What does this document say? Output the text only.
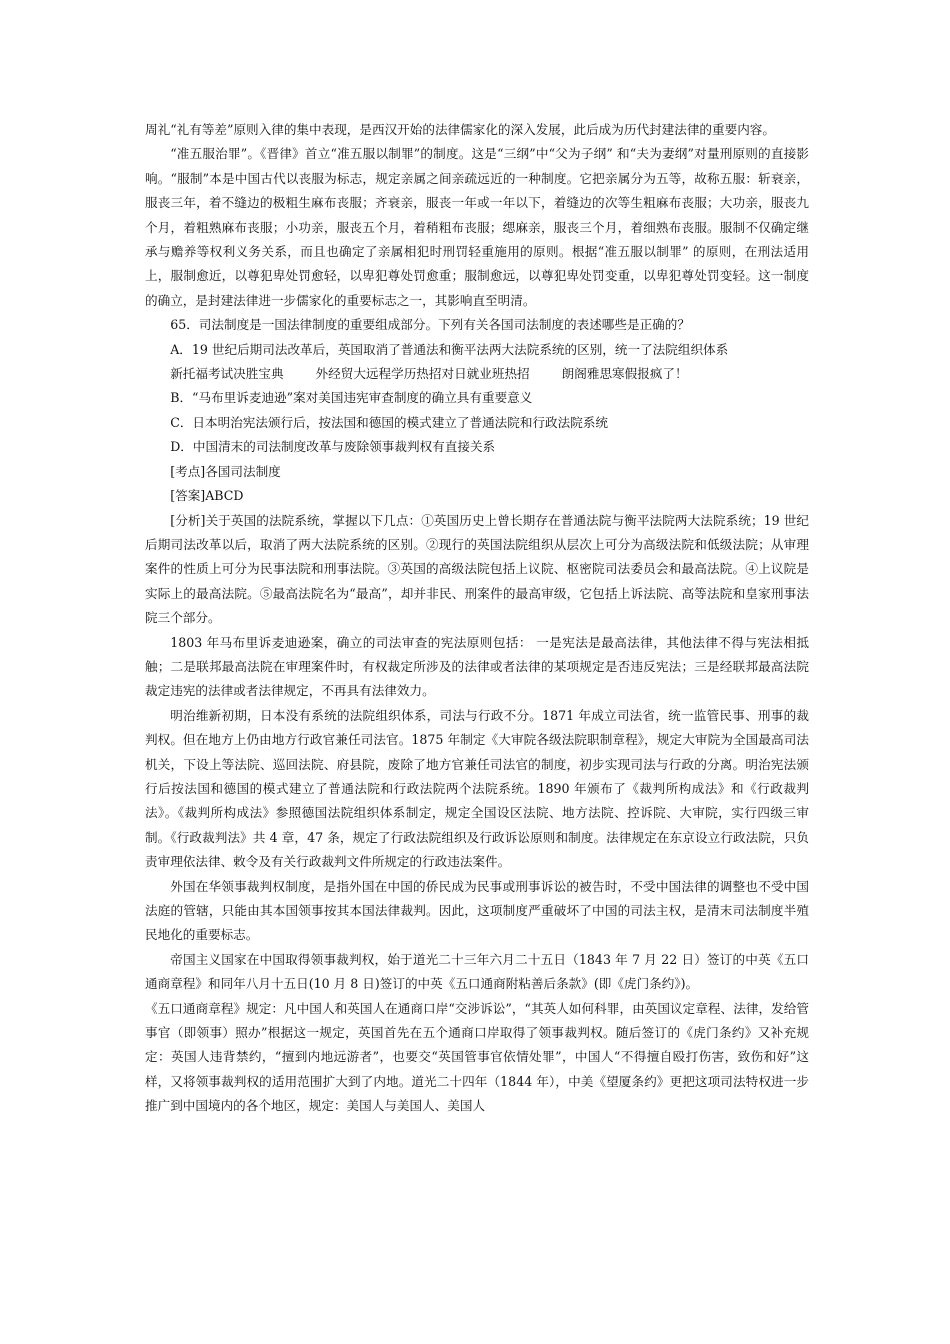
周礼“礼有等差”原则入律的集中表现，是西汉开始的法律儒家化的深入发展，此后成为历代封建法律的重要内容。

“准五服治罪”。《晋律》首立“准五服以制罪”的制度。这是“三纲”中“父为子纲” 和“夫为妻纲”对量刑原则的直接影响。“服制”本是中国古代以丧服为标志，规定亲属之间亲疏远近的一种制度。它把亲属分为五等，故称五服：斩衰亲，服丧三年，着不缝边的极粗生麻布丧服；齐衰亲，服丧一年或一年以下，着缝边的次等生粗麻布丧服；大功亲，服丧九个月，着粗熟麻布丧服；小功亲，服丧五个月，着稍粗布丧服；缌麻亲，服丧三个月，着细熟布丧服。服制不仅确定继承与赡养等权利义务关系，而且也确定了亲属相犯时刑罚轻重施用的原则。根据“准五服以制罪” 的原则，在刑法适用上，服制愈近，以尊犯卑处罚愈轻，以卑犯尊处罚愈重；服制愈远，以尊犯卑处罚变重，以卑犯尊处罚变轻。这一制度的确立，是封建法律进一步儒家化的重要标志之一，其影响直至明清。

65．司法制度是一国法律制度的重要组成部分。下列有关各国司法制度的表述哪些是正确的？

A．19 世纪后期司法改革后，英国取消了普通法和衡平法两大法院系统的区别，统一了法院组织体系

新托福考试决胜宝典        外经贸大远程学历热招对日就业班热招        朗阁雅思寒假报疯了！

B．“马布里诉麦迪逊”案对美国违宪审查制度的确立具有重要意义

C．日本明治宪法颁行后，按法国和德国的模式建立了普通法院和行政法院系统

D．中国清末的司法制度改革与废除领事裁判权有直接关系

[考点]各国司法制度

[答案]ABCD

[分析]关于英国的法院系统，掌握以下几点：①英国历史上曾长期存在普通法院与衡平法院两大法院系统；19 世纪后期司法改革以后，取消了两大法院系统的区别。②现行的英国法院组织从层次上可分为高级法院和低级法院；从审理案件的性质上可分为民事法院和刑事法院。③英国的高级法院包括上议院、枢密院司法委员会和最高法院。④上议院是实际上的最高法院。⑤最高法院名为“最高”，却并非民、刑案件的最高审级，它包括上诉法院、高等法院和皇家刑事法院三个部分。

1803 年马布里诉麦迪逊案，确立的司法审查的宪法原则包括： 一是宪法是最高法律，其他法律不得与宪法相抵触；二是联邦最高法院在审理案件时，有权裁定所涉及的法律或者法律的某项规定是否违反宪法；三是经联邦最高法院裁定违宪的法律或者法律规定，不再具有法律效力。

明治维新初期，日本没有系统的法院组织体系，司法与行政不分。1871 年成立司法省，统一监管民事、刑事的裁判权。但在地方上仍由地方行政官兼任司法官。1875 年制定《大审院各级法院职制章程》，规定大审院为全国最高司法机关，下设上等法院、巡回法院、府县院，废除了地方官兼任司法官的制度，初步实现司法与行政的分离。明治宪法颁行后按法国和德国的模式建立了普通法院和行政法院两个法院系统。1890 年颁布了《裁判所构成法》和《行政裁判法》。《裁判所构成法》参照德国法院组织体系制定，规定全国设区法院、地方法院、控诉院、大审院，实行四级三审制。《行政裁判法》共 4 章，47 条，规定了行政法院组织及行政诉讼原则和制度。法律规定在东京设立行政法院，只负责审理依法律、敕令及有关行政裁判文件所规定的行政违法案件。

外国在华领事裁判权制度，是指外国在中国的侨民成为民事或刑事诉讼的被告时，不受中国法律的调整也不受中国法庭的管辖，只能由其本国领事按其本国法律裁判。因此，这项制度严重破坏了中国的司法主权，是清末司法制度半殖民地化的重要标志。

帝国主义国家在中国取得领事裁判权，始于道光二十三年六月二十五日（1843 年 7 月 22 日）签订的中英《五口通商章程》和同年八月十五日(10 月 8 日)签订的中英《五口通商附粘善后条款》(即《虎门条约》)。

《五口通商章程》规定：凡中国人和英国人在通商口岸“交涉诉讼”，“其英人如何科罪，由英国议定章程、法律，发给管事官（即领事）照办”根据这一规定，英国首先在五个通商口岸取得了领事裁判权。随后签订的《虎门条约》又补充规定：英国人违背禁约，“擅到内地远游者”，也要交“英国管事官依情处罪”，中国人“不得擅自殴打伤害，致伤和好”这样，又将领事裁判权的适用范围扩大到了内地。道光二十四年（1844 年），中美《望厦条约》更把这项司法特权进一步推广到中国境内的各个地区，规定：美国人与美国人、美国人
